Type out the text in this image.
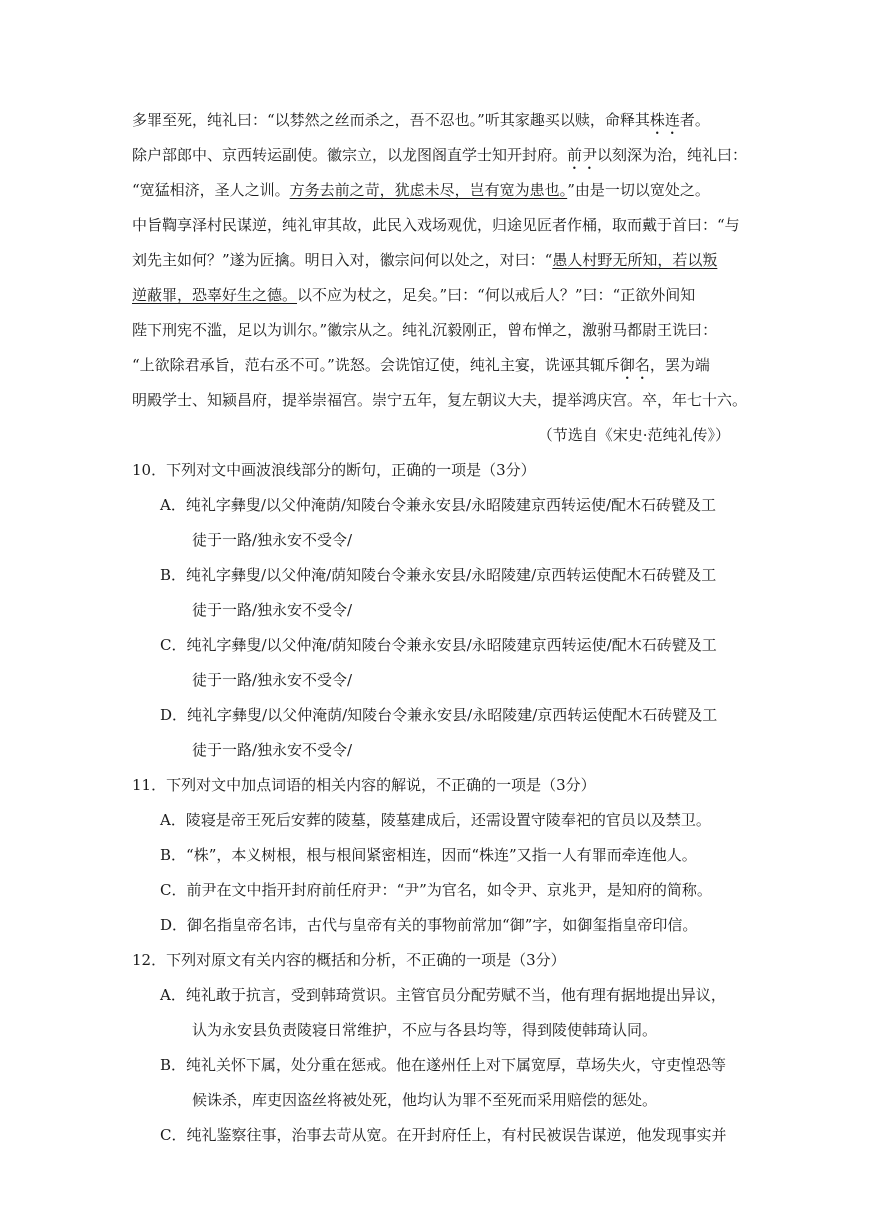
多罪至死，纯礼曰：“以棼然之丝而杀之，吾不忍也。”听其家趣买以赎，命释其株连者。
除户部郎中、京西转运副使。徽宗立，以龙图阁直学士知开封府。前尹以刻深为治，纯礼曰：
“宽猛相济，圣人之训。方务去前之苛，犹虑未尽，岂有宽为患也。”由是一切以宽处之。
中旨鞫享泽村民谋逆，纯礼审其故，此民入戏场观优，归途见匠者作桶，取而戴于首曰：“与
刘先主如何？”遂为匠擒。明日入对，徽宗问何以处之，对曰：“愚人村野无所知，若以叛
逆蔽罪，恐辜好生之德。以不应为杖之，足矣。”曰：“何以戒后人？”曰：“正欲外间知
陛下刑宪不滥，足以为训尔。”徽宗从之。纯礼沉毅刚正，曾布惮之，激驸马都尉王诜曰：
“上欲除君承旨，范右丞不可。”诜怒。会诜馆辽使，纯礼主宴，诜诬其辄斥御名，罢为端
明殿学士、知颍昌府，提举崇福宫。崇宁五年，复左朝议大夫，提举鸿庆宫。卒，年七十六。
（节选自《宋史·范纯礼传》）
10．下列对文中画波浪线部分的断句，正确的一项是（3分）
A．纯礼字彝叟/以父仲淹荫/知陵台令兼永安县/永昭陵建京西转运使/配木石砖甓及工
徒于一路/独永安不受令/
B．纯礼字彝叟/以父仲淹/荫知陵台令兼永安县/永昭陵建/京西转运使配木石砖甓及工
徒于一路/独永安不受令/
C．纯礼字彝叟/以父仲淹/荫知陵台令兼永安县/永昭陵建京西转运使/配木石砖甓及工
徒于一路/独永安不受令/
D．纯礼字彝叟/以父仲淹荫/知陵台令兼永安县/永昭陵建/京西转运使配木石砖甓及工
徒于一路/独永安不受令/
11．下列对文中加点词语的相关内容的解说，不正确的一项是（3分）
A．陵寝是帝王死后安葬的陵墓，陵墓建成后，还需设置守陵奉祀的官员以及禁卫。
B．“株”，本义树根，根与根间紧密相连，因而“株连”又指一人有罪而牵连他人。
C．前尹在文中指开封府前任府尹：“尹”为官名，如令尹、京兆尹，是知府的简称。
D．御名指皇帝名讳，古代与皇帝有关的事物前常加“御”字，如御玺指皇帝印信。
12．下列对原文有关内容的概括和分析，不正确的一项是（3分）
A．纯礼敢于抗言，受到韩琦赏识。主管官员分配劳赋不当，他有理有据地提出异议，
认为永安县负责陵寝日常维护，不应与各县均等，得到陵使韩琦认同。
B．纯礼关怀下属，处分重在惩戒。他在遂州任上对下属宽厚，草场失火，守吏惶恐等
候诛杀，库吏因盗丝将被处死，他均认为罪不至死而采用赔偿的惩处。
C．纯礼鉴察往事，治事去苛从宽。在开封府任上，有村民被误告谋逆，他发现事实并
